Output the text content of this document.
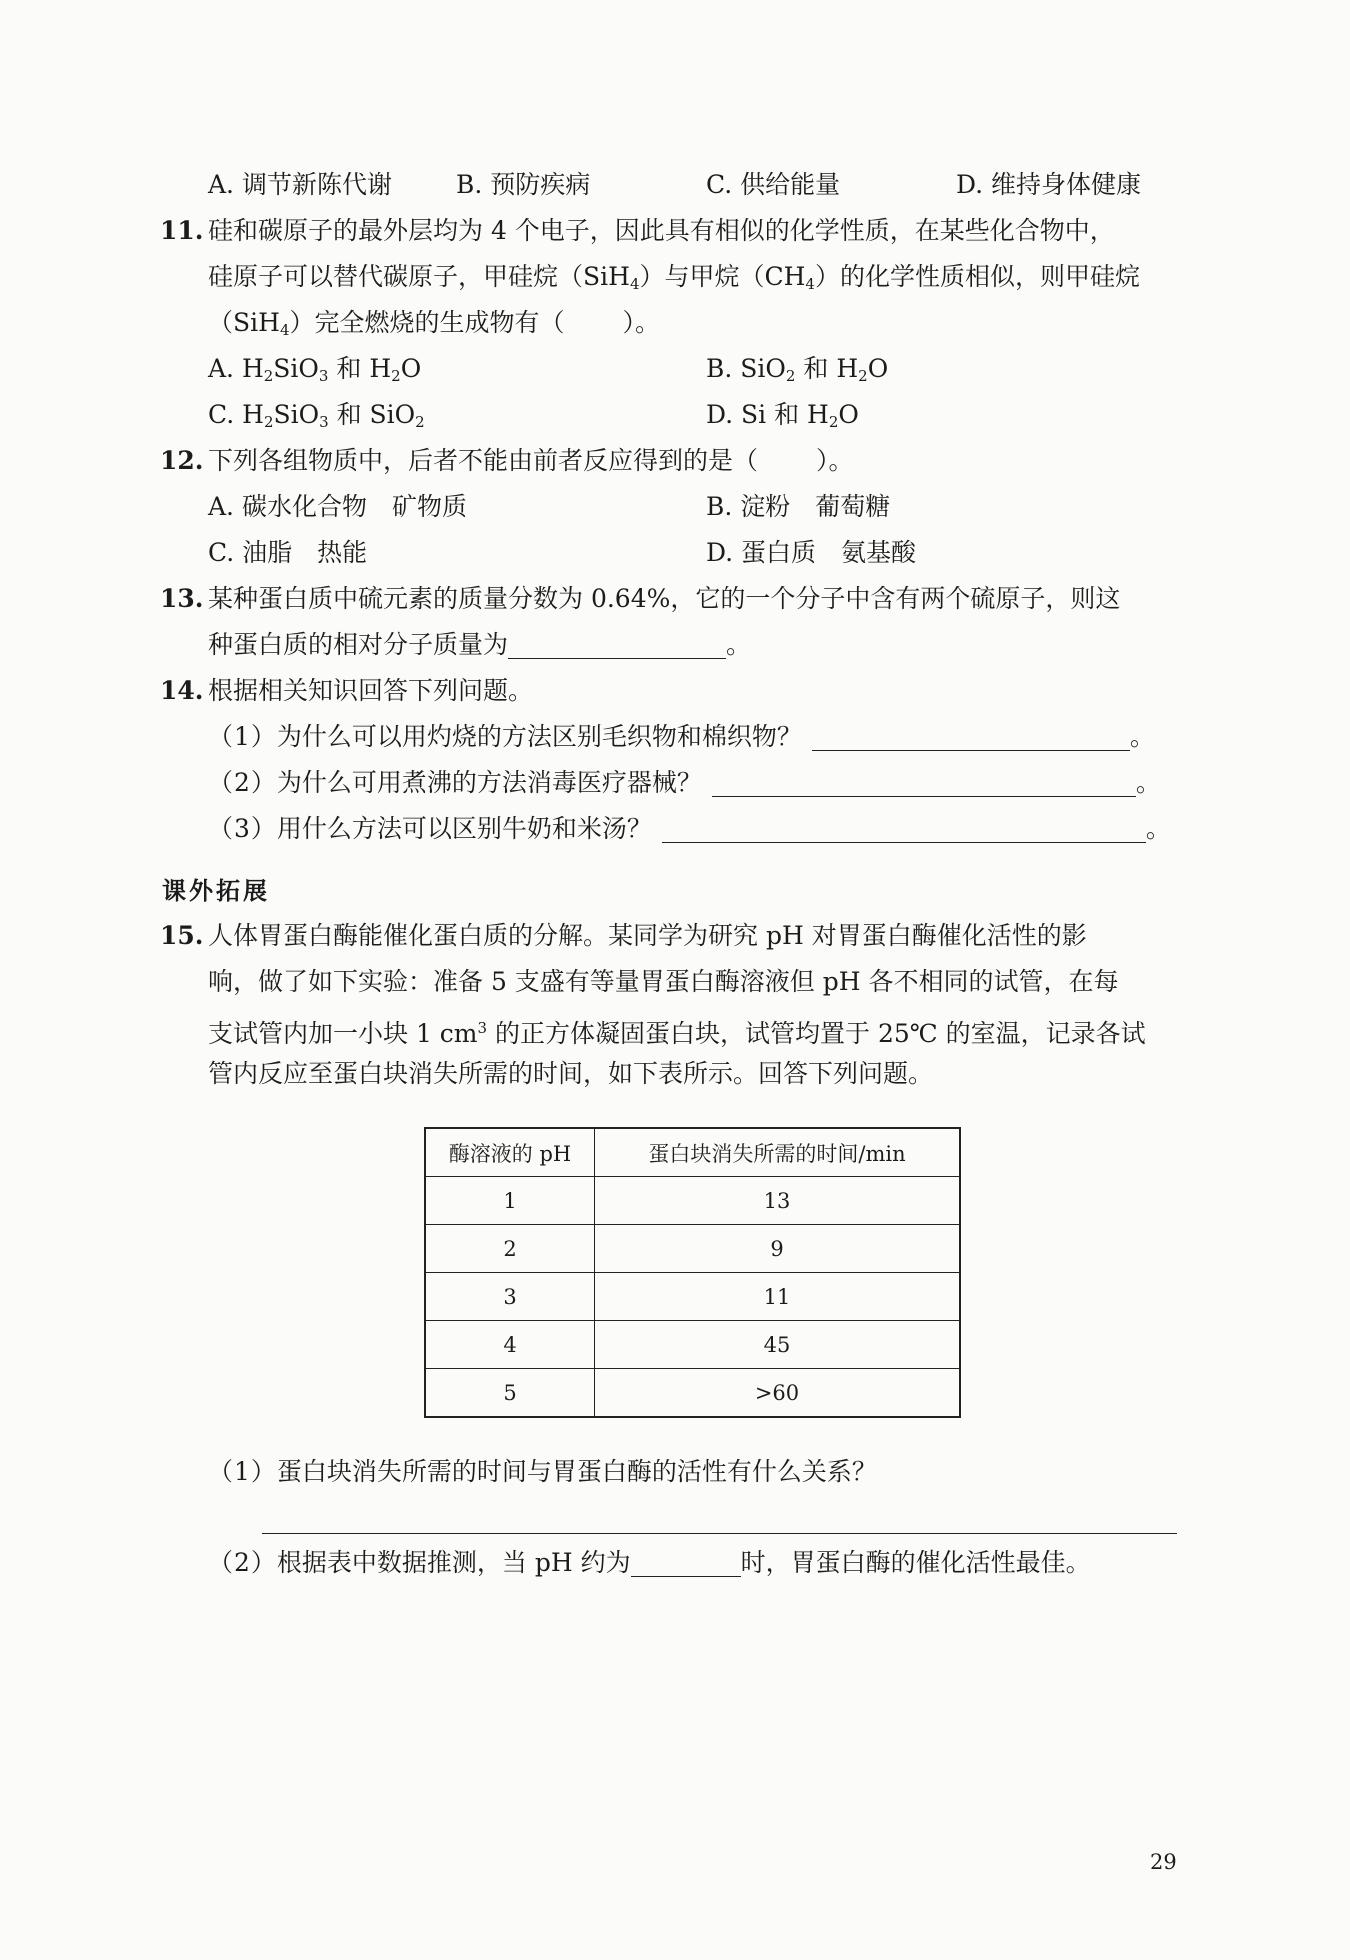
A. 调节新陈代谢	B. 预防疾病	C. 供给能量	D. 维持身体健康
11. 硅和碳原子的最外层均为 4 个电子，因此具有相似的化学性质，在某些化合物中，
硅原子可以替代碳原子，甲硅烷（SiH$_4$）与甲烷$(CH_4)$的化学性质相似，则甲硅烷
（SiH$_4$）完全燃烧的生成物有（ ）。
A. $H_2SiO_3$ 和 $H_2O$	B. SiO$_2$ 和 $H_2O$
C. $H_2SiO_3$ 和 SiO$_2$	D. Si 和 $H_2O$
12. 下列各组物质中，后者不能由前者反应得到的是（ ）。
A. 碳水化合物　矿物质	B. 淀粉　葡萄糖
C. 油脂　热能	D. 蛋白质　氨基酸
13. 某种蛋白质中硫元素的质量分数为 0.64%，它的一个分子中含有两个硫原子，则这
种蛋白质的相对分子质量为	。
14. 根据相关知识回答下列问题。
（1）为什么可以用灼烧的方法区别毛织物和棉织物？	。
（2）为什么可用煮沸的方法消毒医疗器械？	。
（3）用什么方法可以区别牛奶和米汤？	。
课外拓展
15. 人体胃蛋白酶能催化蛋白质的分解。某同学为研究 pH 对胃蛋白酶催化活性的影
响，做了如下实验：准备 5 支盛有等量胃蛋白酶溶液但 pH 各不相同的试管，在每
支试管内加一小块 1 $cm^3$ 的正方体凝固蛋白块，试管均置于 25℃ 的室温，记录各试
管内反应至蛋白块消失所需的时间，如下表所示。回答下列问题。
酶溶液的 pH	蛋白块消失所需的时间/min
1	13
2	9
3	11
4	45
5	>60
（1）蛋白块消失所需的时间与胃蛋白酶的活性有什么关系？
（2）根据表中数据推测，当 pH 约为	时，胃蛋白酶的催化活性最佳。
29
